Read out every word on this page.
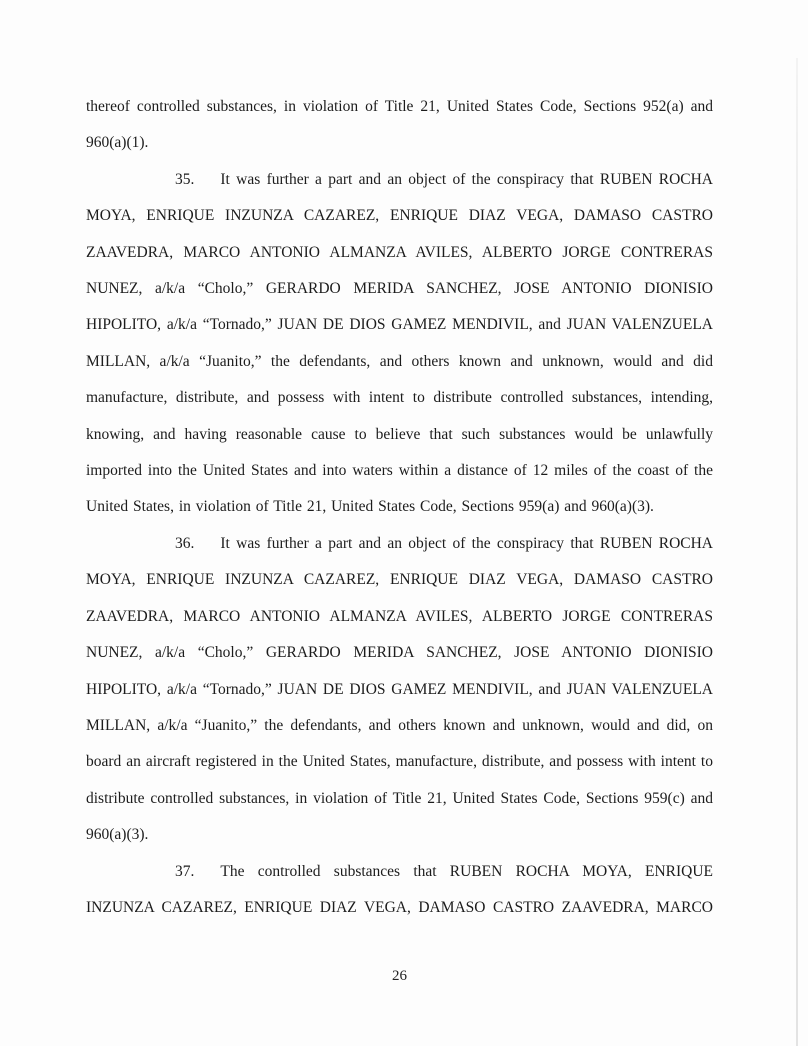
thereof controlled substances, in violation of Title 21, United States Code, Sections 952(a) and 960(a)(1).

35. It was further a part and an object of the conspiracy that RUBEN ROCHA MOYA, ENRIQUE INZUNZA CAZAREZ, ENRIQUE DIAZ VEGA, DAMASO CASTRO ZAAVEDRA, MARCO ANTONIO ALMANZA AVILES, ALBERTO JORGE CONTRERAS NUNEZ, a/k/a “Cholo,” GERARDO MERIDA SANCHEZ, JOSE ANTONIO DIONISIO HIPOLITO, a/k/a “Tornado,” JUAN DE DIOS GAMEZ MENDIVIL, and JUAN VALENZUELA MILLAN, a/k/a “Juanito,” the defendants, and others known and unknown, would and did manufacture, distribute, and possess with intent to distribute controlled substances, intending, knowing, and having reasonable cause to believe that such substances would be unlawfully imported into the United States and into waters within a distance of 12 miles of the coast of the United States, in violation of Title 21, United States Code, Sections 959(a) and 960(a)(3).

36. It was further a part and an object of the conspiracy that RUBEN ROCHA MOYA, ENRIQUE INZUNZA CAZAREZ, ENRIQUE DIAZ VEGA, DAMASO CASTRO ZAAVEDRA, MARCO ANTONIO ALMANZA AVILES, ALBERTO JORGE CONTRERAS NUNEZ, a/k/a “Cholo,” GERARDO MERIDA SANCHEZ, JOSE ANTONIO DIONISIO HIPOLITO, a/k/a “Tornado,” JUAN DE DIOS GAMEZ MENDIVIL, and JUAN VALENZUELA MILLAN, a/k/a “Juanito,” the defendants, and others known and unknown, would and did, on board an aircraft registered in the United States, manufacture, distribute, and possess with intent to distribute controlled substances, in violation of Title 21, United States Code, Sections 959(c) and 960(a)(3).

37. The controlled substances that RUBEN ROCHA MOYA, ENRIQUE INZUNZA CAZAREZ, ENRIQUE DIAZ VEGA, DAMASO CASTRO ZAAVEDRA, MARCO

26
